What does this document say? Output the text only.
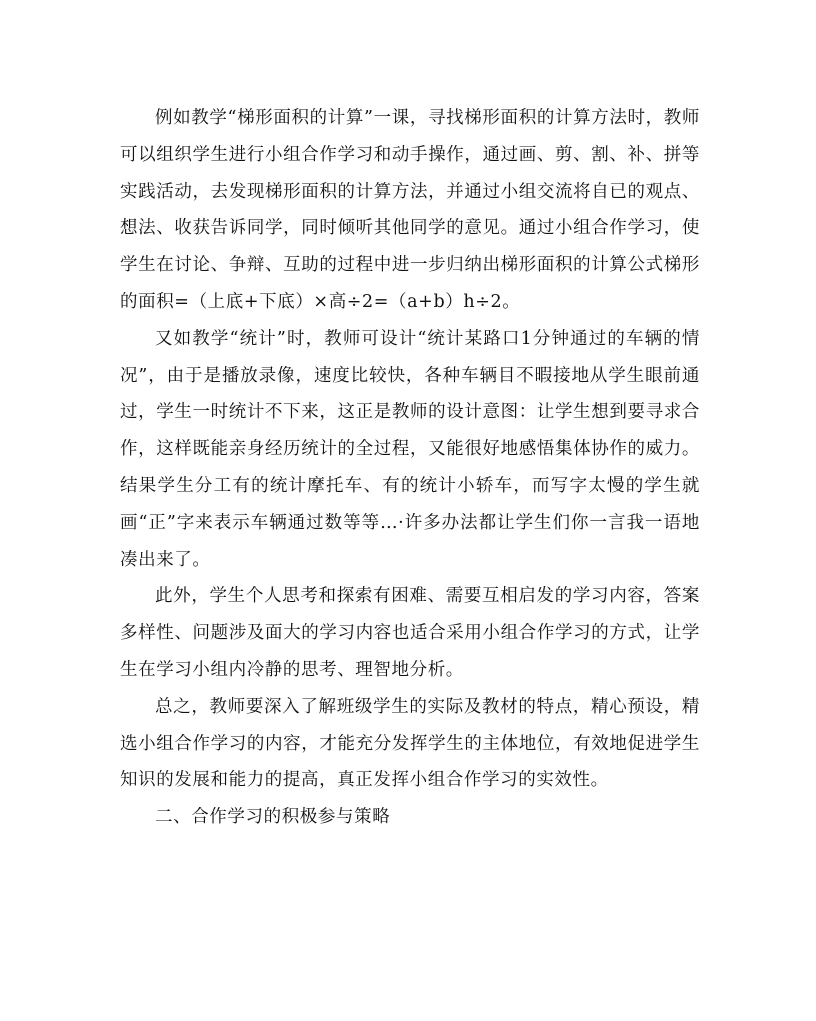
例如教学“梯形面积的计算”一课，寻找梯形面积的计算方法时，教师可以组织学生进行小组合作学习和动手操作，通过画、剪、割、补、拼等实践活动，去发现梯形面积的计算方法，并通过小组交流将自已的观点、想法、收获告诉同学，同时倾听其他同学的意见。通过小组合作学习，使学生在讨论、争辩、互助的过程中进一步归纳出梯形面积的计算公式梯形的面积=（上底+下底）×高÷2=（a+b）h÷2。

又如教学“统计”时，教师可设计“统计某路口1分钟通过的车辆的情况”，由于是播放录像，速度比较快，各种车辆目不暇接地从学生眼前通过，学生一时统计不下来，这正是教师的设计意图：让学生想到要寻求合作，这样既能亲身经历统计的全过程，又能很好地感悟集体协作的威力。结果学生分工有的统计摩托车、有的统计小轿车，而写字太慢的学生就画“正”字来表示车辆通过数等等…·许多办法都让学生们你一言我一语地凑出来了。

此外，学生个人思考和探索有困难、需要互相启发的学习内容，答案多样性、问题涉及面大的学习内容也适合采用小组合作学习的方式，让学生在学习小组内冷静的思考、理智地分析。

总之，教师要深入了解班级学生的实际及教材的特点，精心预设，精选小组合作学习的内容，才能充分发挥学生的主体地位，有效地促进学生知识的发展和能力的提高，真正发挥小组合作学习的实效性。

二、合作学习的积极参与策略
